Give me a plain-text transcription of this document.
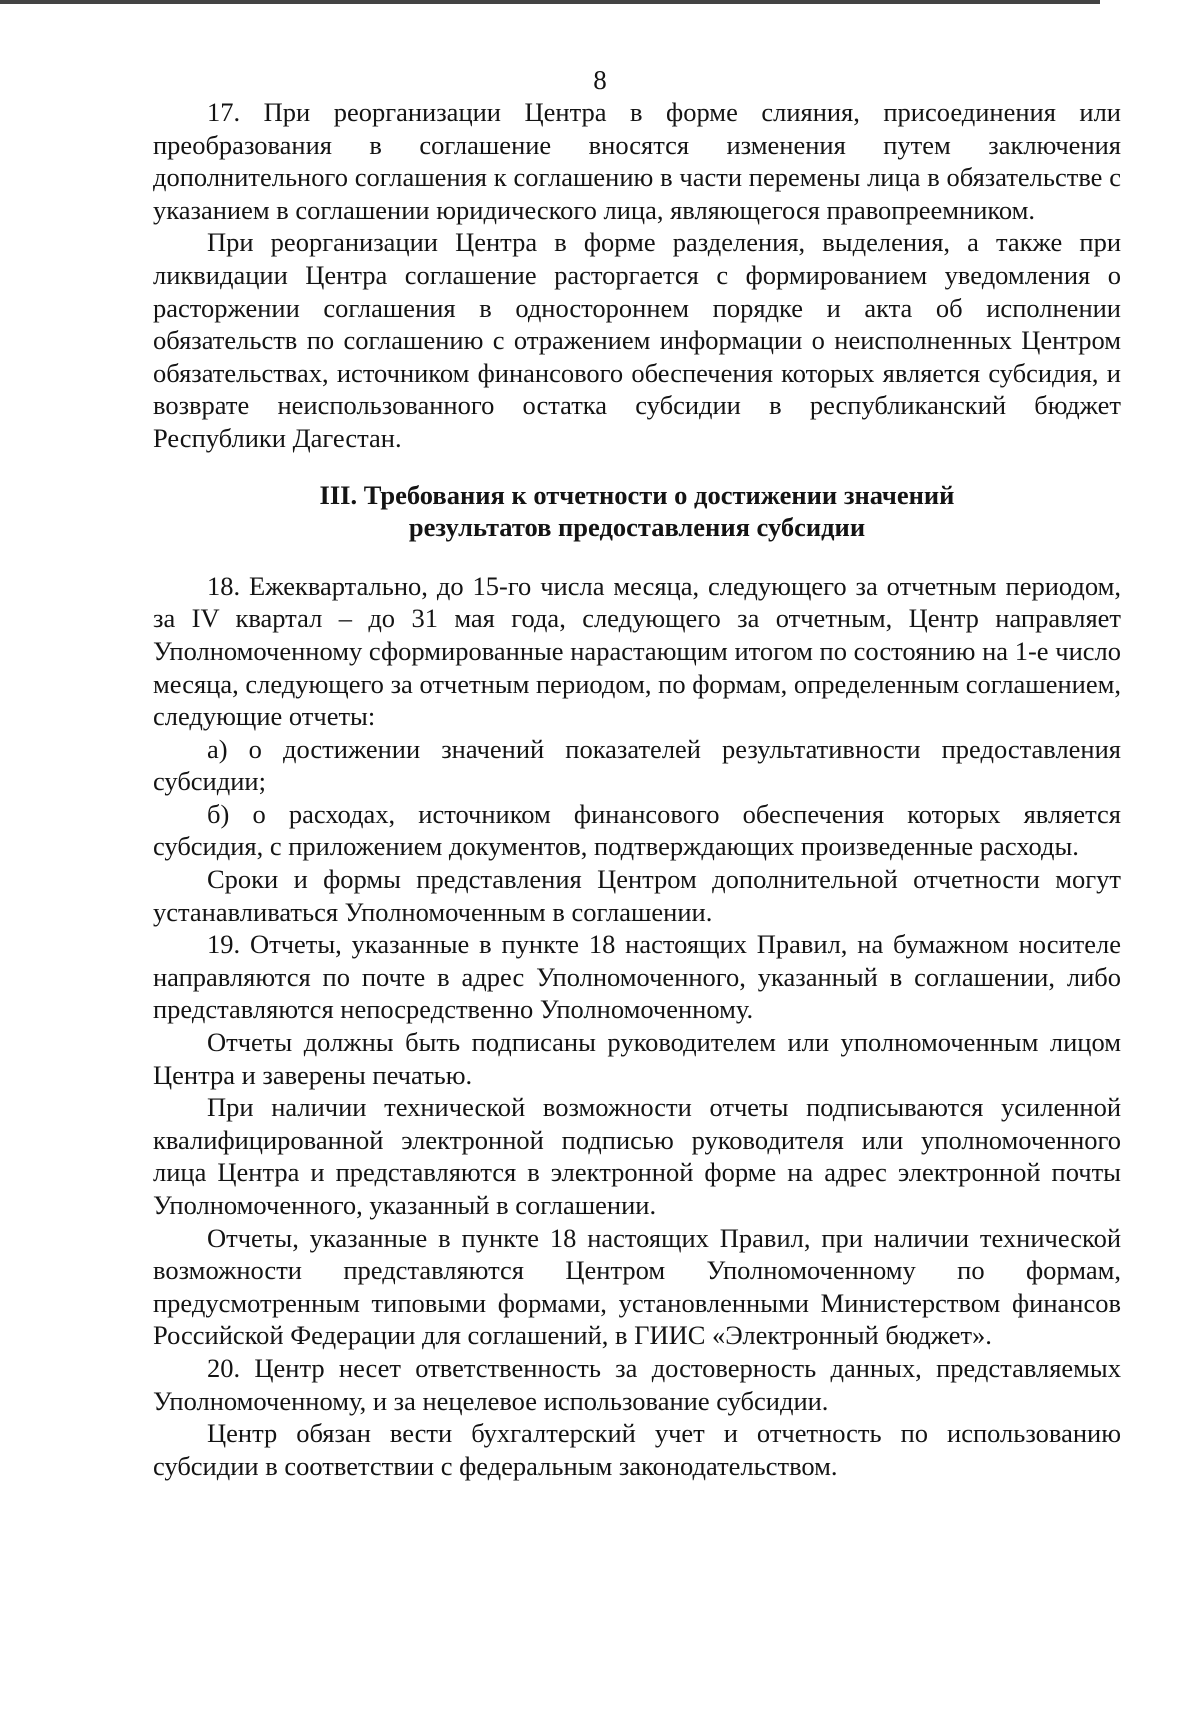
8

17. При реорганизации Центра в форме слияния, присоединения или преобразования в соглашение вносятся изменения путем заключения дополнительного соглашения к соглашению в части перемены лица в обязательстве с указанием в соглашении юридического лица, являющегося правопреемником.

При реорганизации Центра в форме разделения, выделения, а также при ликвидации Центра соглашение расторгается с формированием уведомления о расторжении соглашения в одностороннем порядке и акта об исполнении обязательств по соглашению с отражением информации о неисполненных Центром обязательствах, источником финансового обеспечения которых является субсидия, и возврате неиспользованного остатка субсидии в республиканский бюджет Республики Дагестан.

III. Требования к отчетности о достижении значений
результатов предоставления субсидии

18. Ежеквартально, до 15-го числа месяца, следующего за отчетным периодом, за IV квартал – до 31 мая года, следующего за отчетным, Центр направляет Уполномоченному сформированные нарастающим итогом по состоянию на 1-е число месяца, следующего за отчетным периодом, по формам, определенным соглашением, следующие отчеты:

а) о достижении значений показателей результативности предоставления субсидии;

б) о расходах, источником финансового обеспечения которых является субсидия, с приложением документов, подтверждающих произведенные расходы.

Сроки и формы представления Центром дополнительной отчетности могут устанавливаться Уполномоченным в соглашении.

19. Отчеты, указанные в пункте 18 настоящих Правил, на бумажном носителе направляются по почте в адрес Уполномоченного, указанный в соглашении, либо представляются непосредственно Уполномоченному.

Отчеты должны быть подписаны руководителем или уполномоченным лицом Центра и заверены печатью.

При наличии технической возможности отчеты подписываются усиленной квалифицированной электронной подписью руководителя или уполномоченного лица Центра и представляются в электронной форме на адрес электронной почты Уполномоченного, указанный в соглашении.

Отчеты, указанные в пункте 18 настоящих Правил, при наличии технической возможности представляются Центром Уполномоченному по формам, предусмотренным типовыми формами, установленными Министерством финансов Российской Федерации для соглашений, в ГИИС «Электронный бюджет».

20. Центр несет ответственность за достоверность данных, представляемых Уполномоченному, и за нецелевое использование субсидии.

Центр обязан вести бухгалтерский учет и отчетность по использованию субсидии в соответствии с федеральным законодательством.
